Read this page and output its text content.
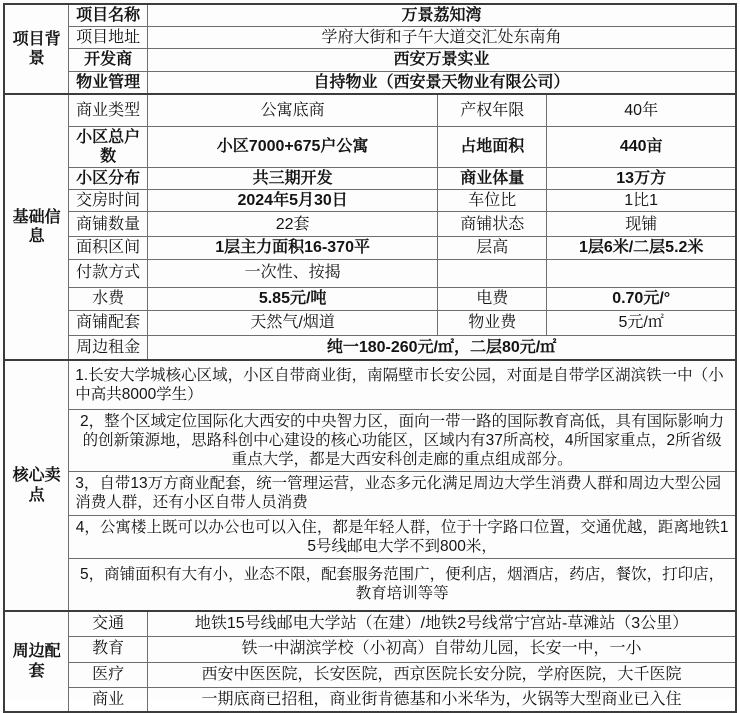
项目背景	项目名称	万景荔知湾		
	项目地址	学府大街和子午大道交汇处东南角		
	开发商	西安万景实业		
	物业管理	自持物业（西安景天物业有限公司）		
基础信息	商业类型	公寓底商	产权年限	40年
	小区总户数	小区7000+675户公寓	占地面积	440亩
	小区分布	共三期开发	商业体量	13万方
	交房时间	2024年5月30日	车位比	1比1
	商铺数量	22套	商铺状态	现铺
	面积区间	1层主力面积16-370平	层高	1层6米/二层5.2米
	付款方式	一次性、按揭		
	水费	5.85元/吨	电费	0.70元/°
	商铺配套	天然气/烟道	物业费	5元/㎡
	周边租金	纯一180-260元/㎡，二层80元/㎡		
核心卖点	1.长安大学城核心区域，小区自带商业街，南隔壁市长安公园，对面是自带学区湖滨铁一中（小中高共8000学生）			
	2，整个区域定位国际化大西安的中央智力区，面向一带一路的国际教育高低，具有国际影响力的创新策源地，思路科创中心建设的核心功能区，区域内有37所高校，4所国家重点，2所省级重点大学，都是大西安科创走廊的重点组成部分。			
	3，自带13万方商业配套，统一管理运营，业态多元化满足周边大学生消费人群和周边大型公园消费人群，还有小区自带人员消费			
	4，公寓楼上既可以办公也可以入住，都是年轻人群，位于十字路口位置，交通优越，距离地铁15号线邮电大学不到800米，			
	5，商铺面积有大有小，业态不限，配套服务范围广，便利店，烟酒店，药店，餐饮，打印店，教育培训等等			
周边配套	交通	地铁15号线邮电大学站（在建）/地铁2号线常宁宫站-草滩站（3公里）		
	教育	铁一中湖滨学校（小初高）自带幼儿园，长安一中，一小		
	医疗	西安中医医院，长安医院，西京医院长安分院，学府医院，大千医院		
	商业	一期底商已招租，商业街肯德基和小米华为，火锅等大型商业已入住		
